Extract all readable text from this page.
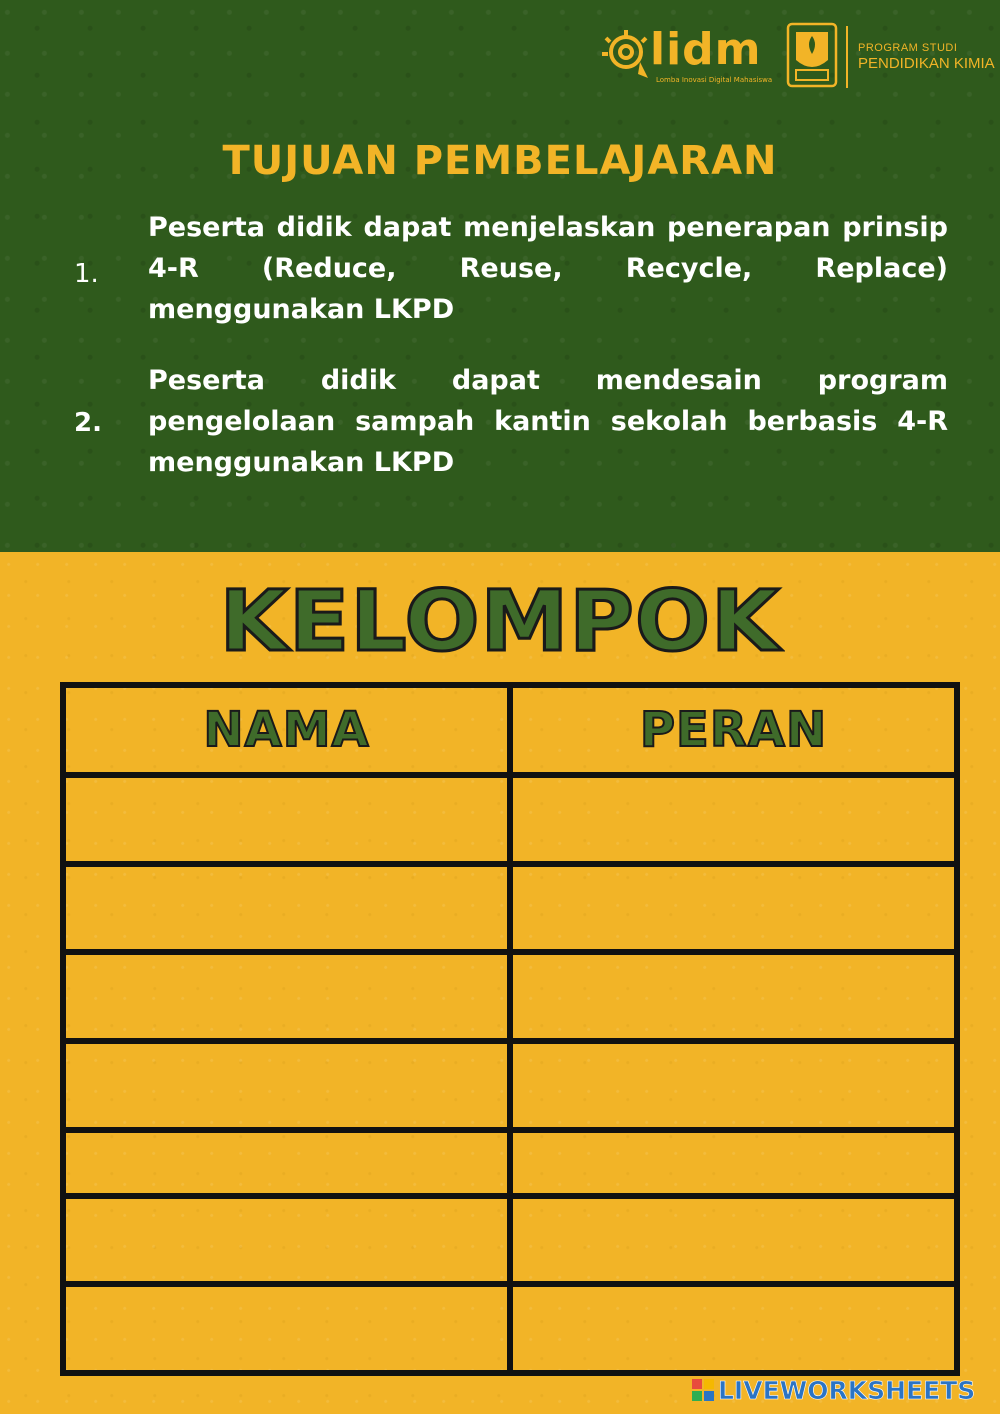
lidm
Lomba Inovasi Digital Mahasiswa
PROGRAM STUDI
PENDIDIKAN KIMIA
TUJUAN PEMBELAJARAN
1.
Peserta didik dapat menjelaskan penerapan prinsip 4-R (Reduce, Reuse, Recycle, Replace) menggunakan LKPD
2.
Peserta didik dapat mendesain program pengelolaan sampah kantin sekolah berbasis 4-R menggunakan LKPD
KELOMPOK
NAMA	PERAN

LIVEWORKSHEETS
